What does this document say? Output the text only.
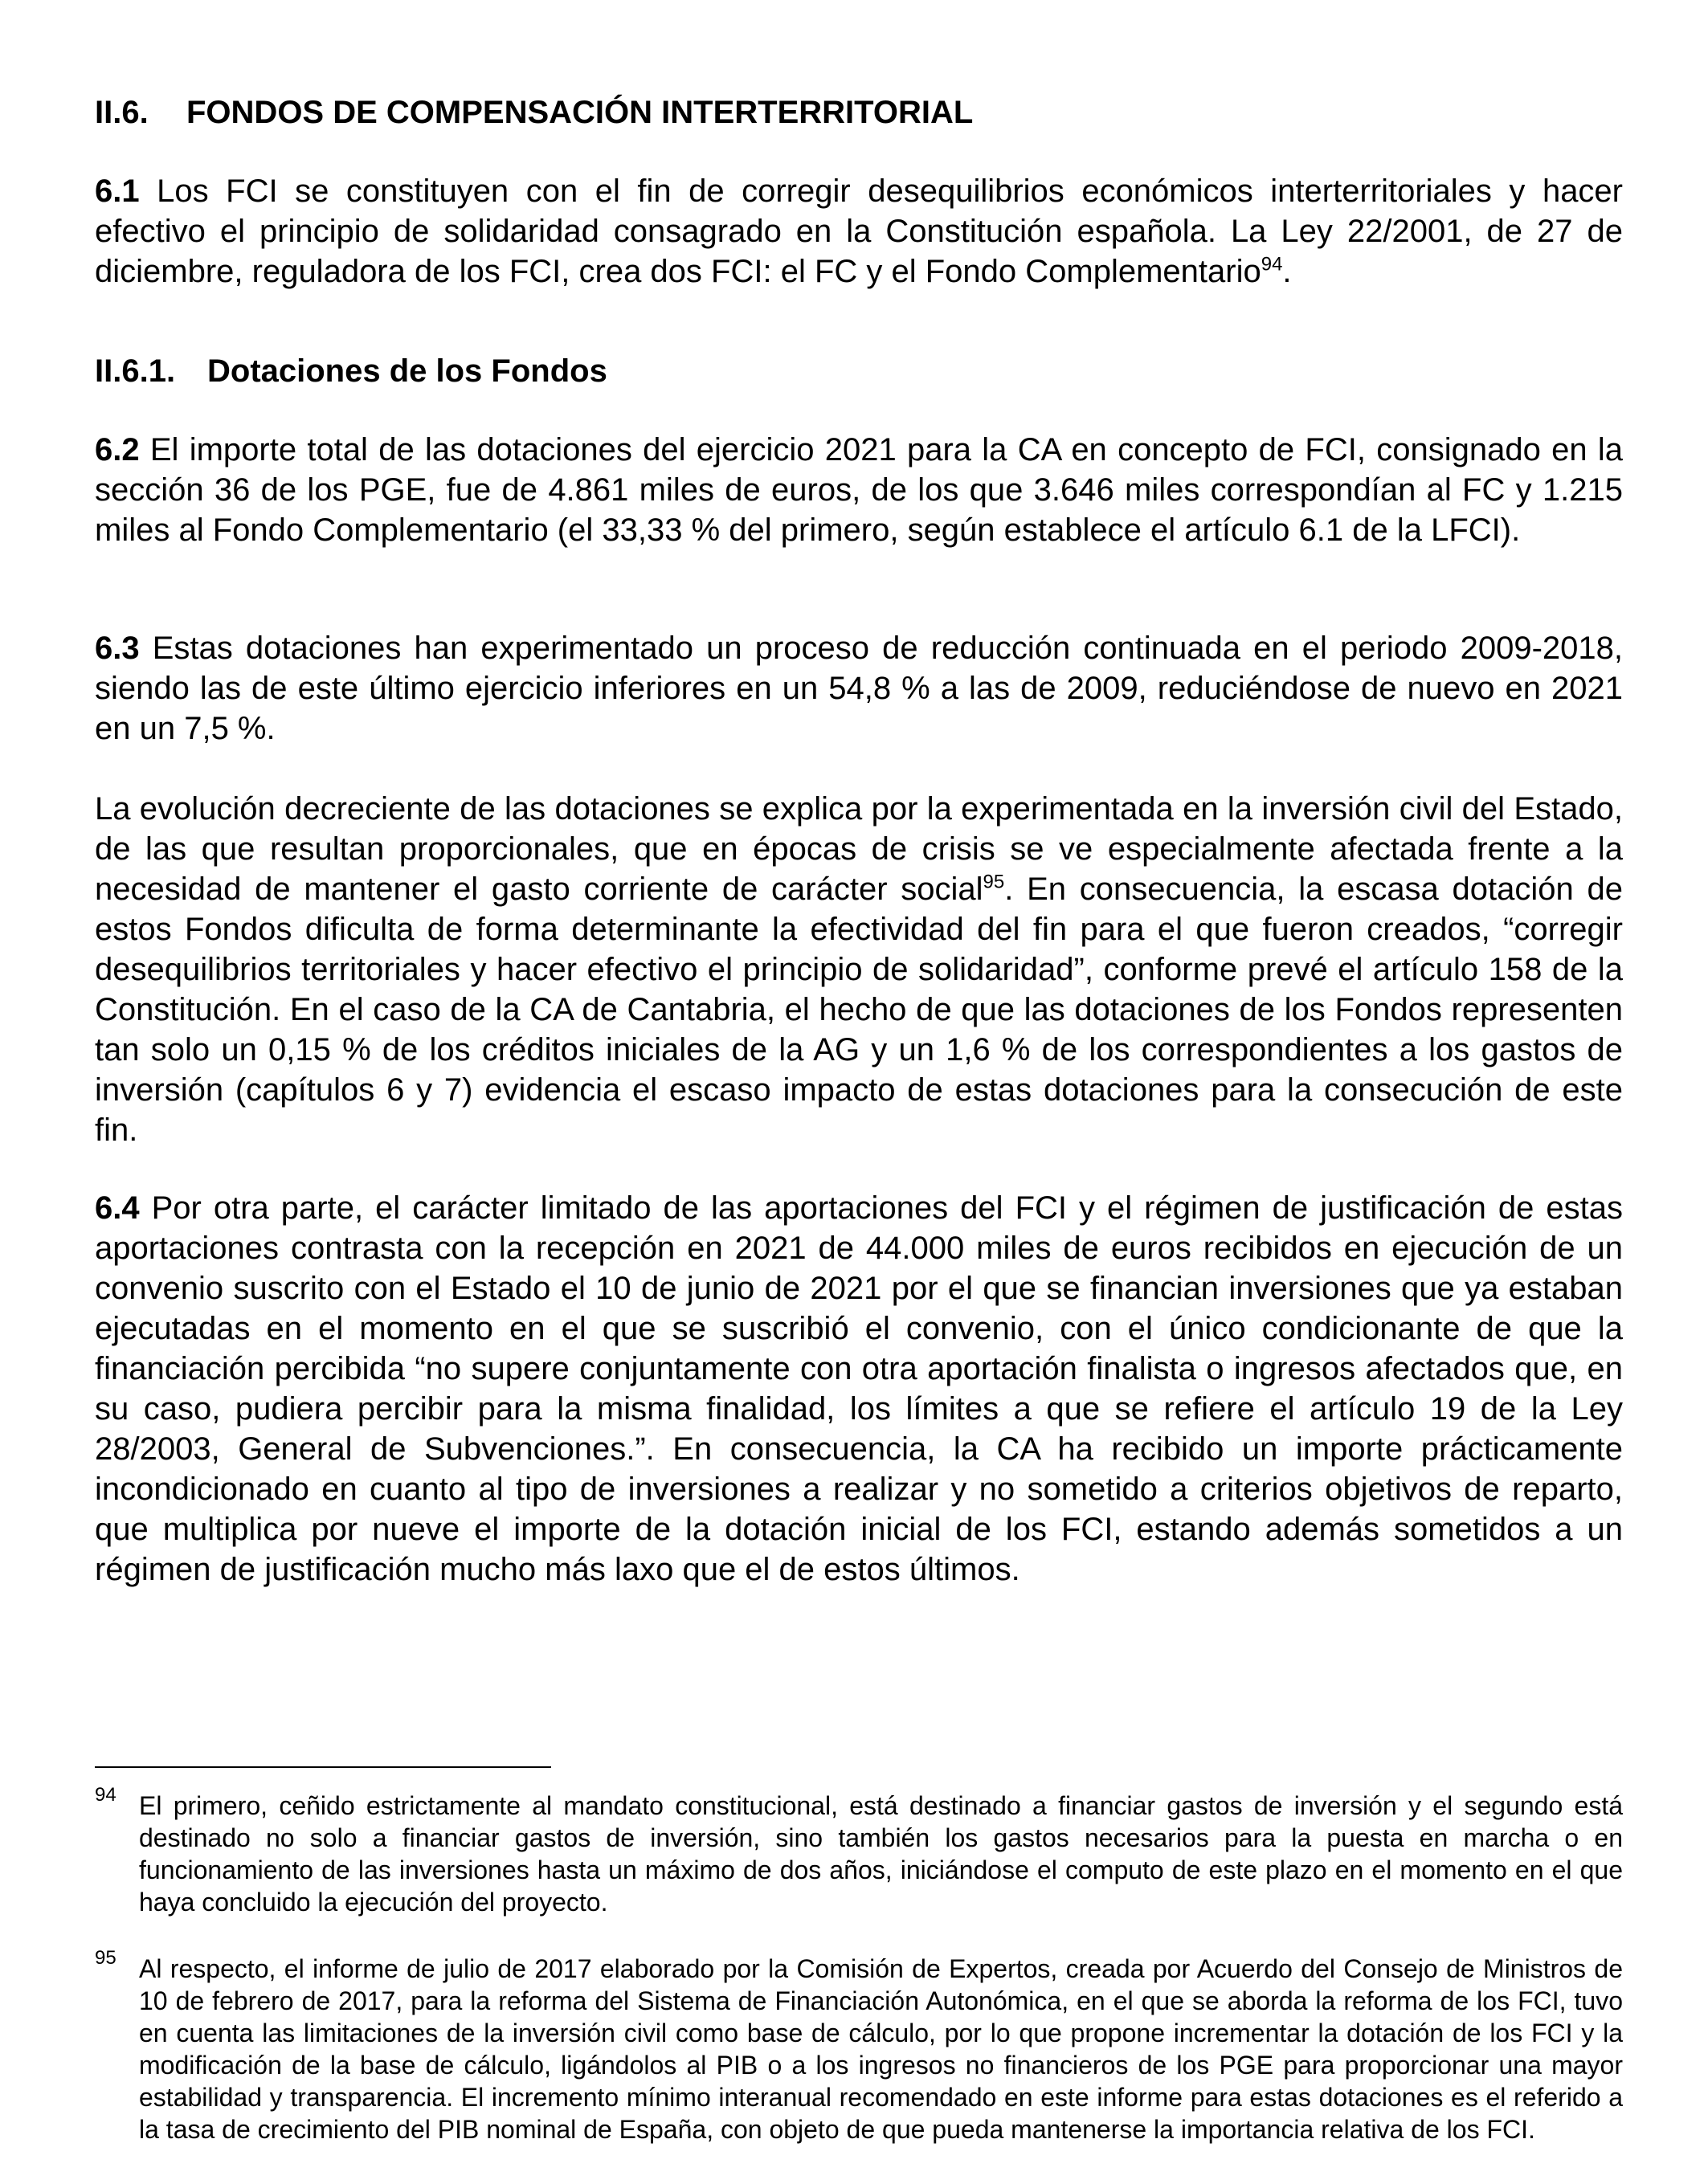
II.6. FONDOS DE COMPENSACIÓN INTERTERRITORIAL

6.1 Los FCI se constituyen con el fin de corregir desequilibrios económicos interterritoriales y hacer efectivo el principio de solidaridad consagrado en la Constitución española. La Ley 22/2001, de 27 de diciembre, reguladora de los FCI, crea dos FCI: el FC y el Fondo Complementario$^{94}$.

II.6.1. Dotaciones de los Fondos

6.2 El importe total de las dotaciones del ejercicio 2021 para la CA en concepto de FCI, consignado en la sección 36 de los PGE, fue de 4.861 miles de euros, de los que 3.646 miles correspondían al FC y 1.215 miles al Fondo Complementario (el 33,33 % del primero, según establece el artículo 6.1 de la LFCI).

6.3 Estas dotaciones han experimentado un proceso de reducción continuada en el periodo 2009-2018, siendo las de este último ejercicio inferiores en un 54,8 % a las de 2009, reduciéndose de nuevo en 2021 en un 7,5 %.

La evolución decreciente de las dotaciones se explica por la experimentada en la inversión civil del Estado, de las que resultan proporcionales, que en épocas de crisis se ve especialmente afectada frente a la necesidad de mantener el gasto corriente de carácter social$^{95}$. En consecuencia, la escasa dotación de estos Fondos dificulta de forma determinante la efectividad del fin para el que fueron creados, “corregir desequilibrios territoriales y hacer efectivo el principio de solidaridad”, conforme prevé el artículo 158 de la Constitución. En el caso de la CA de Cantabria, el hecho de que las dotaciones de los Fondos representen tan solo un 0,15 % de los créditos iniciales de la AG y un 1,6 % de los correspondientes a los gastos de inversión (capítulos 6 y 7) evidencia el escaso impacto de estas dotaciones para la consecución de este fin.

6.4 Por otra parte, el carácter limitado de las aportaciones del FCI y el régimen de justificación de estas aportaciones contrasta con la recepción en 2021 de 44.000 miles de euros recibidos en ejecución de un convenio suscrito con el Estado el 10 de junio de 2021 por el que se financian inversiones que ya estaban ejecutadas en el momento en el que se suscribió el convenio, con el único condicionante de que la financiación percibida “no supere conjuntamente con otra aportación finalista o ingresos afectados que, en su caso, pudiera percibir para la misma finalidad, los límites a que se refiere el artículo 19 de la Ley 28/2003, General de Subvenciones.”. En consecuencia, la CA ha recibido un importe prácticamente incondicionado en cuanto al tipo de inversiones a realizar y no sometido a criterios objetivos de reparto, que multiplica por nueve el importe de la dotación inicial de los FCI, estando además sometidos a un régimen de justificación mucho más laxo que el de estos últimos.

94 El primero, ceñido estrictamente al mandato constitucional, está destinado a financiar gastos de inversión y el segundo está destinado no solo a financiar gastos de inversión, sino también los gastos necesarios para la puesta en marcha o en funcionamiento de las inversiones hasta un máximo de dos años, iniciándose el computo de este plazo en el momento en el que haya concluido la ejecución del proyecto.
95 Al respecto, el informe de julio de 2017 elaborado por la Comisión de Expertos, creada por Acuerdo del Consejo de Ministros de 10 de febrero de 2017, para la reforma del Sistema de Financiación Autonómica, en el que se aborda la reforma de los FCI, tuvo en cuenta las limitaciones de la inversión civil como base de cálculo, por lo que propone incrementar la dotación de los FCI y la modificación de la base de cálculo, ligándolos al PIB o a los ingresos no financieros de los PGE para proporcionar una mayor estabilidad y transparencia. El incremento mínimo interanual recomendado en este informe para estas dotaciones es el referido a la tasa de crecimiento del PIB nominal de España, con objeto de que pueda mantenerse la importancia relativa de los FCI.
